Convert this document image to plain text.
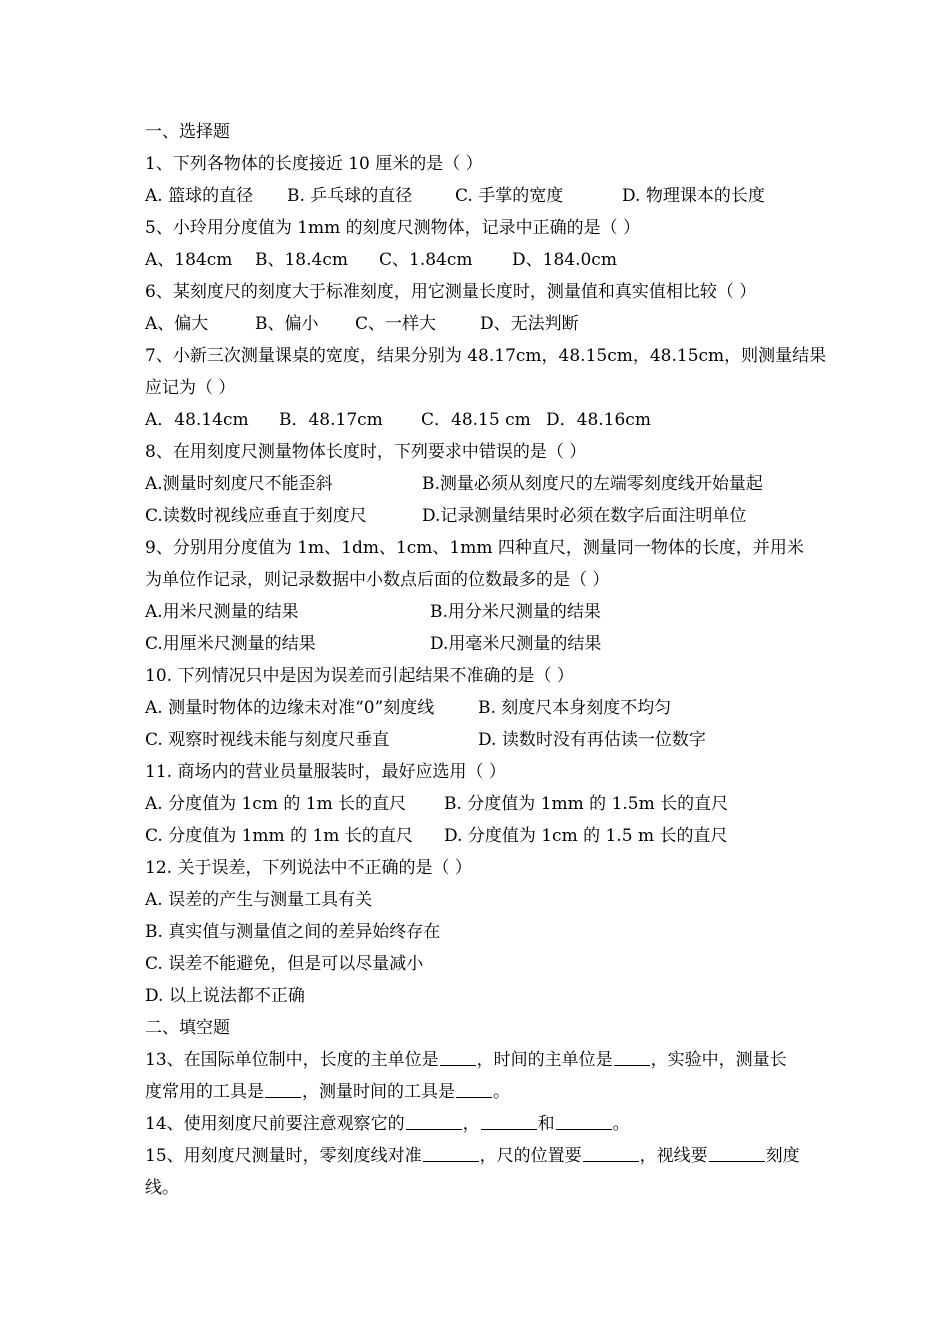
一、选择题
1、下列各物体的长度接近 10 厘米的是（ ）
A. 篮球的直径	B. 乒乓球的直径	C. 手掌的宽度	D. 物理课本的长度
5、小玲用分度值为 1mm 的刻度尺测物体，记录中正确的是（ ）
A、184cm	B、18.4cm	C、1.84cm	D、184.0cm
6、某刻度尺的刻度大于标准刻度，用它测量长度时，测量值和真实值相比较（ ）
A、偏大	B、偏小	C、一样大	D、无法判断
7、小新三次测量课桌的宽度，结果分别为 48.17cm，48.15cm，48.15cm，则测量结果
应记为（ ）
A．48.14cm	B．48.17cm	C．48.15 cm D．48.16cm
8、在用刻度尺测量物体长度时，下列要求中错误的是（ ）
A.测量时刻度尺不能歪斜	B.测量必须从刻度尺的左端零刻度线开始量起
C.读数时视线应垂直于刻度尺	D.记录测量结果时必须在数字后面注明单位
9、分别用分度值为 1m、1dm、1cm、1mm 四种直尺，测量同一物体的长度，并用米
为单位作记录，则记录数据中小数点后面的位数最多的是（ ）
A.用米尺测量的结果	B.用分米尺测量的结果
C.用厘米尺测量的结果	D.用毫米尺测量的结果
10. 下列情况只中是因为误差而引起结果不准确的是（ ）
A. 测量时物体的边缘未对准“0”刻度线	B. 刻度尺本身刻度不均匀
C. 观察时视线未能与刻度尺垂直	D. 读数时没有再估读一位数字
11. 商场内的营业员量服装时，最好应选用（ ）
A. 分度值为 1cm 的 1m 长的直尺	B. 分度值为 1mm 的 1.5m 长的直尺
C. 分度值为 1mm 的 1m 长的直尺	D. 分度值为 1cm 的 1.5 m 长的直尺
12. 关于误差，下列说法中不正确的是（ ）
A. 误差的产生与测量工具有关
B. 真实值与测量值之间的差异始终存在
C. 误差不能避免，但是可以尽量减小
D. 以上说法都不正确
二、填空题
13、在国际单位制中，长度的主单位是 ，时间的主单位是 ，实验中，测量长
度常用的工具是 ，测量时间的工具是 。
14、使用刻度尺前要注意观察它的	，	和	。
15、用刻度尺测量时，零刻度线对准	，尺的位置要	，视线要	刻度
线。
